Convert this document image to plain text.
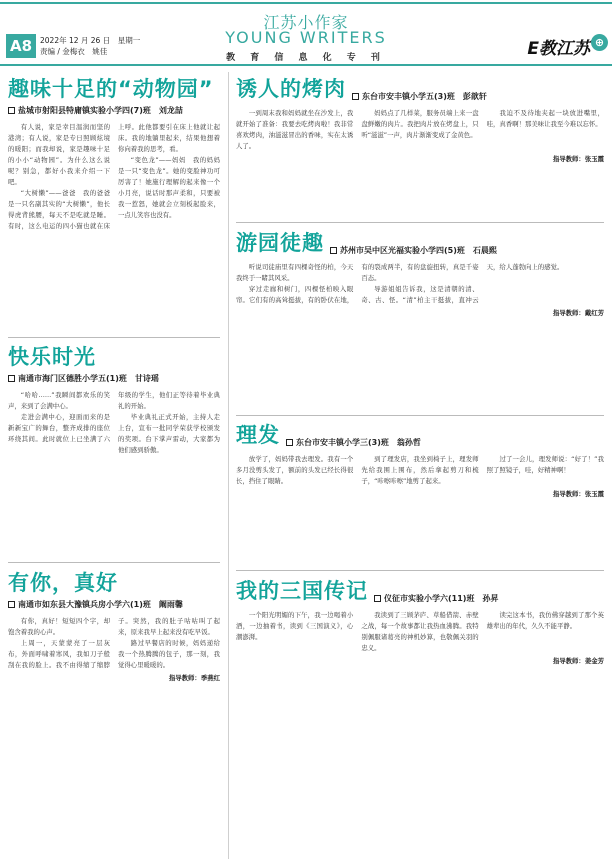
A8	2022年 12 月 26 日　星期一
责编 / 金梅衣　姚佳
江苏小作家
YOUNG WRITERS
教 育 信 息 化 专 刊	E教江苏 ⊕
趣味十足的“动物园”
盐城市射阳县特庸镇实验小学四(7)班　刘龙喆

有人说，家是幸目温润而坚的港湾；有人说，家是专日照顾炫境的暖阳；而我却说，家是趣味十足的小小“动物园”。为什么这么说呢？别急，都好小我来介绍一下吧。

“大树懒”——爸爸　我的爸爸是一只名副其实的“大树懒”，他长得虎背熊腰，每天不是吃就是睡。有时，这么电运的四小猫也就在床上呼。此他都要引在床上他就让起床。我的地躺里起来，结果他想着你向着我的思考，看。

“变色龙”——妈妈　我的妈妈是一只“变色龙”。她的变脸神功可厉害了！她施行理解的起来像一个小月亮，说话时那声柔和，只要被我一惹怒，她就会立刻板起脸来，一点儿笑容也没有。

快乐时光
南通市海门区德胜小学五(1)班　甘诗瑶

“哈哈……”我瞬间都欢乐的笑声，来到了会满中心。

走进会满中心，迎面而来的是新新宝广的舞台，整齐成排的座位环绕其间。此时就位上已坐满了六年级的学生，他们正等待着毕业典礼的开始。

毕业典礼正式开始，主持人走上台，宣布一批同学荣获学校颁发的奖项。台下掌声雷动，大家都为他们感到骄傲。

有你，真好
南通市如东县大豫镇兵房小学六(1)班　阚雨馨

有你，真好！短短四个字，却饱含着我的心声。

上周一，天蒙蒙亮了一层灰布，外面呼啸着寒风，我如刀子般刮在我的脸上。我不由得缩了缩脖子。突然，我的肚子咕咕叫了起来，原来我早上起来没有吃早饭。

路过早餐店的时候，妈妈递给我一个热腾腾的包子，那一刻，我觉得心里暖暖的。

指导教师：季燕红
诱人的烤肉	东台市安丰镇小学五(3)班　彭歆轩

一到周末我和妈妈就坐在沙发上，我就开始了准备：我要去吃烤肉啦！我非常喜欢烤肉，油滋滋冒出的香味，实在太诱人了。

妈妈点了几样菜，服务员端上来一盘盘鲜嫩的肉片。我把肉片放在烤盘上，只听“滋滋”一声，肉片渐渐变成了金黄色。

我迫不及待地夹起一块放进嘴里，哇，真香啊！那美味让我至今难以忘怀。

指导教师：张玉霞
游园徒趣	苏州市吴中区光福实验小学四(5)班　石晨熙

听说司徒庙里有四棵奇怪的柏，今天我终于一睹其风采。

穿过走廊和树门，四棵怪柏映入眼帘。它们有的高耸挺拔，有的卧伏在地，有的裂成两半，有的盘旋扭转，真是千姿百态。

导游姐姐告诉我，这是清朝的清、奇、古、怪。“清”柏主干挺拔，直冲云天，给人蓬勃向上的感觉。

指导教师：戴红芳
理发	东台市安丰镇小学三(3)班　翁孙哲

放学了，妈妈带我去理发。我有一个多月没剪头发了，额前的头发已经长得很长，挡住了眼睛。

到了理发店，我坐到椅子上，理发师先给我围上围布，然后拿起剪刀和梳子，“咔嚓咔嚓”地剪了起来。

过了一会儿，理发师说：“好了！”我照了照镜子，哇，好精神啊！

指导教师：张玉霞
我的三国传记	仪征市实验小学六(11)班　孙昇

一个阳光明媚的下午，我一边喝着小酒，一边抽着书，读到《三国演义》，心潮澎湃。

我读到了三顾茅庐、草船借箭、赤壁之战，每一个故事都让我热血沸腾。我特别佩服诸葛亮的神机妙算，也敬佩关羽的忠义。

读完这本书，我仿佛穿越到了那个英雄辈出的年代，久久不能平静。

指导教师：姜金芳
